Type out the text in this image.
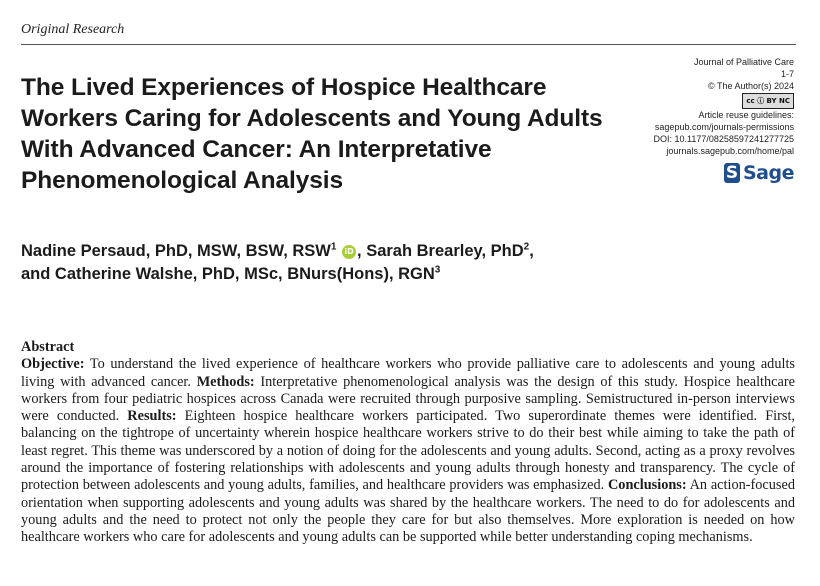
Original Research
The Lived Experiences of Hospice Healthcare Workers Caring for Adolescents and Young Adults With Advanced Cancer: An Interpretative Phenomenological Analysis
Journal of Palliative Care
1-7
© The Author(s) 2024
cc ⓘ BY NC
Article reuse guidelines:
sagepub.com/journals-permissions
DOI: 10.1177/08258597241277725
journals.sagepub.com/home/pal
S Sage
Nadine Persaud, PhD, MSW, BSW, RSW$^1$ iD , Sarah Brearley, PhD$^2$,
and Catherine Walshe, PhD, MSc, BNurs(Hons), RGN$^3$
Abstract
Objective: To understand the lived experience of healthcare workers who provide palliative care to adolescents and young adults living with advanced cancer. Methods: Interpretative phenomenological analysis was the design of this study. Hospice healthcare workers from four pediatric hospices across Canada were recruited through purposive sampling. Semistructured in-person interviews were conducted. Results: Eighteen hospice healthcare workers participated. Two superordinate themes were identified. First, balancing on the tightrope of uncertainty wherein hospice healthcare workers strive to do their best while aiming to take the path of least regret. This theme was underscored by a notion of doing for the adolescents and young adults. Second, acting as a proxy revolves around the importance of fostering relationships with adolescents and young adults through honesty and transparency. The cycle of protection between adolescents and young adults, families, and healthcare providers was emphasized. Conclusions: An action-focused orientation when supporting adolescents and young adults was shared by the healthcare workers. The need to do for adolescents and young adults and the need to protect not only the people they care for but also themselves. More exploration is needed on how healthcare workers who care for adolescents and young adults can be supported while better understanding coping mechanisms.
